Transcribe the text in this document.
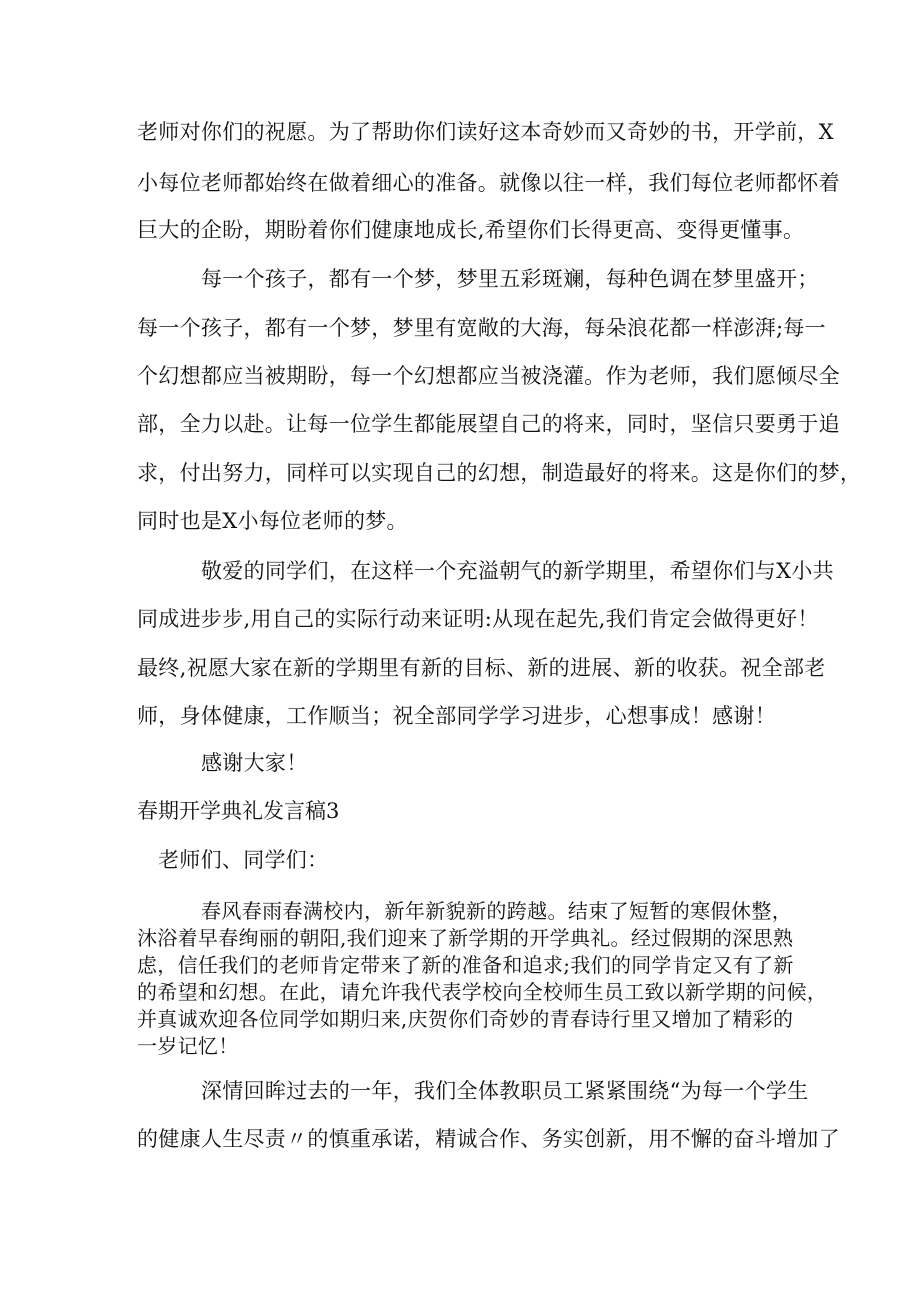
老师对你们的祝愿。为了帮助你们读好这本奇妙而又奇妙的书，开学前，X
小每位老师都始终在做着细心的准备。就像以往一样，我们每位老师都怀着
巨大的企盼，期盼着你们健康地成长,希望你们长得更高、变得更懂事。
每一个孩子，都有一个梦，梦里五彩斑斓，每种色调在梦里盛开；
每一个孩子，都有一个梦，梦里有宽敞的大海，每朵浪花都一样澎湃;每一
个幻想都应当被期盼，每一个幻想都应当被浇灌。作为老师，我们愿倾尽全
部，全力以赴。让每一位学生都能展望自己的将来，同时，坚信只要勇于追
求，付出努力，同样可以实现自己的幻想，制造最好的将来。这是你们的梦，
同时也是X小每位老师的梦。
敬爱的同学们，在这样一个充溢朝气的新学期里，希望你们与X小共
同成进步步,用自己的实际行动来证明:从现在起先,我们肯定会做得更好！
最终,祝愿大家在新的学期里有新的目标、新的进展、新的收获。祝全部老
师，身体健康，工作顺当；祝全部同学学习进步，心想事成！感谢！
感谢大家！
春期开学典礼发言稿3
老师们、同学们：
春风春雨春满校内，新年新貌新的跨越。结束了短暂的寒假休整，
沐浴着早春绚丽的朝阳,我们迎来了新学期的开学典礼。经过假期的深思熟
虑，信任我们的老师肯定带来了新的准备和追求;我们的同学肯定又有了新
的希望和幻想。在此，请允许我代表学校向全校师生员工致以新学期的问候，
并真诚欢迎各位同学如期归来,庆贺你们奇妙的青春诗行里又增加了精彩的
一岁记忆！
深情回眸过去的一年，我们全体教职员工紧紧围绕“为每一个学生
的健康人生尽责〃的慎重承诺，精诚合作、务实创新，用不懈的奋斗增加了
